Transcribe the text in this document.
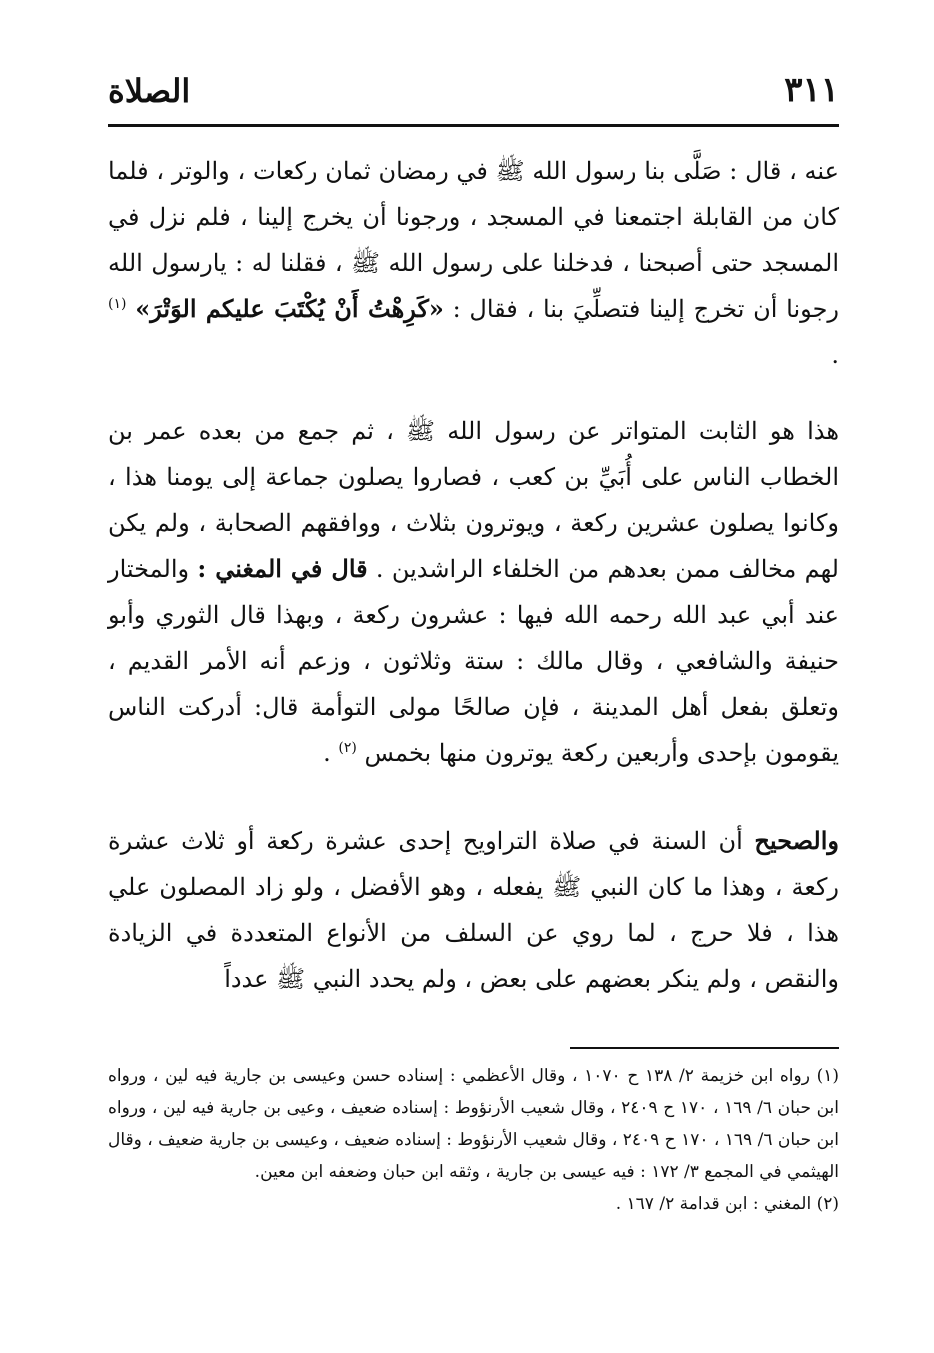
٣١١
الصلاة

عنه ، قال : صَلَّى بنا رسول الله ﷺ في رمضان ثمان ركعات ، والوتر ، فلما كان من القابلة اجتمعنا في المسجد ، ورجونا أن يخرج إلينا ، فلم نزل في المسجد حتى أصبحنا ، فدخلنا على رسول الله ﷺ ، فقلنا له : يارسول الله رجونا أن تخرج إلينا فتصلِّيَ بنا ، فقال : «كَرِهْتُ أَنْ يُكْتَبَ عليكم الوَتْرَ» $^{(١)}$ .

هذا هو الثابت المتواتر عن رسول الله ﷺ ، ثم جمع من بعده عمر بن الخطاب الناس على أُبَيِّ بن كعب ، فصاروا يصلون جماعة إلى يومنا هذا ، وكانوا يصلون عشرين ركعة ، ويوترون بثلاث ، ووافقهم الصحابة ، ولم يكن لهم مخالف ممن بعدهم من الخلفاء الراشدين . قال في المغني : والمختار عند أبي عبد الله رحمه الله فيها : عشرون ركعة ، وبهذا قال الثوري وأبو حنيفة والشافعي ، وقال مالك : ستة وثلاثون ، وزعم أنه الأمر القديم ، وتعلق بفعل أهل المدينة ، فإن صالحًا مولى التوأمة قال: أدركت الناس يقومون بإحدى وأربعين ركعة يوترون منها بخمس $^{(٢)}$ .

والصحيح أن السنة في صلاة التراويح إحدى عشرة ركعة أو ثلاث عشرة ركعة ، وهذا ما كان النبي ﷺ يفعله ، وهو الأفضل ، ولو زاد المصلون علي هذا ، فلا حرج ، لما روي عن السلف من الأنواع المتعددة في الزيادة والنقص ، ولم ينكر بعضهم على بعض ، ولم يحدد النبي ﷺ عدداً

(١) رواه ابن خزيمة ٢/ ١٣٨ ح ١٠٧٠ ، وقال الأعظمي : إسناده حسن وعيسى بن جارية فيه لين ، ورواه ابن حبان ٦/ ١٦٩ ، ١٧٠ ح ٢٤٠٩ ، وقال شعيب الأرنؤوط : إسناده ضعيف ، وعيى بن جارية فيه لين ، ورواه ابن حبان ٦/ ١٦٩ ، ١٧٠ ح ٢٤٠٩ ، وقال شعيب الأرنؤوط : إسناده ضعيف ، وعيسى بن جارية ضعيف ، وقال الهيثمي في المجمع ٣/ ١٧٢ : فيه عيسى بن جارية ، وثقه ابن حبان وضعفه ابن معين.

(٢) المغني : ابن قدامة ٢/ ١٦٧ .
